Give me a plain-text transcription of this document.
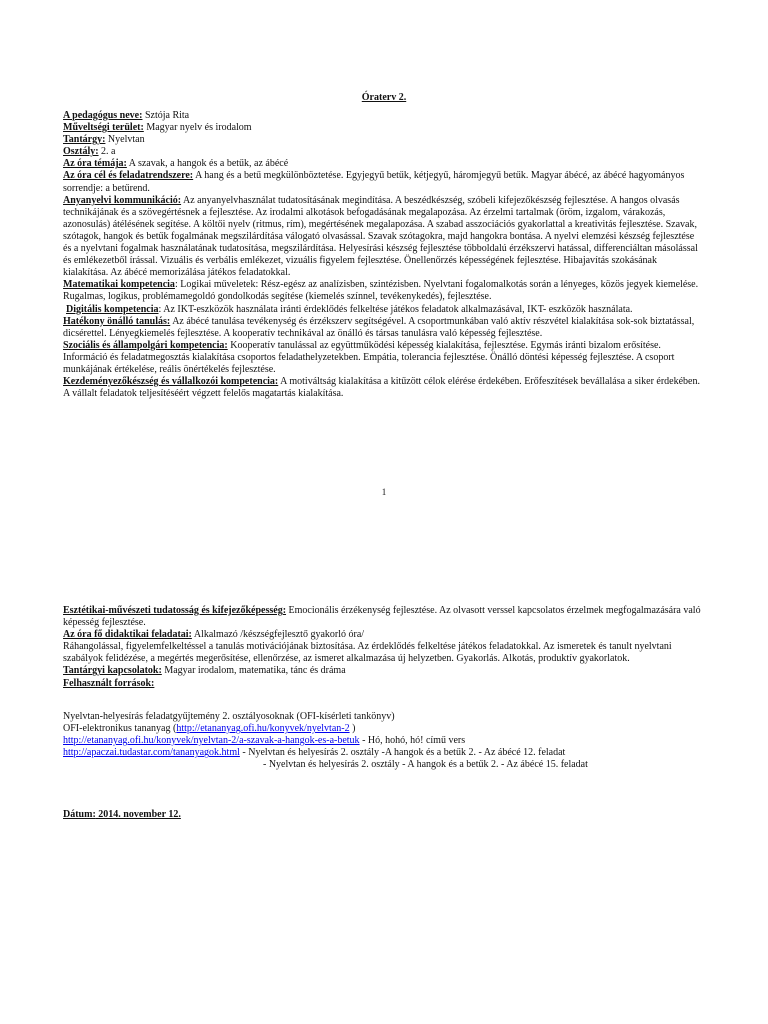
Óraterv 2.
A pedagógus neve: Sztója Rita
Műveltségi terület: Magyar nyelv és irodalom
Tantárgy: Nyelvtan
Osztály: 2. a
Az óra témája: A szavak, a hangok és a betűk, az ábécé
Az óra cél és feladatrendszere: A hang és a betű megkülönböztetése. Egyjegyű betűk, kétjegyű, háromjegyű betűk. Magyar ábécé, az ábécé hagyományos sorrendje: a betűrend.
Anyanyelvi kommunikáció: Az anyanyelvhasználat tudatosításának megindítása. A beszédkészség, szóbeli kifejezőkészség fejlesztése. A hangos olvasás technikájának és a szövegértésnek a fejlesztése. Az irodalmi alkotások befogadásának megalapozása. Az érzelmi tartalmak (öröm, izgalom, várakozás, azonosulás) átélésének segítése. A költői nyelv (ritmus, rím), megértésének megalapozása. A szabad asszociációs gyakorlattal a kreativitás fejlesztése. Szavak, szótagok, hangok és betűk fogalmának megszilárdítása válogató olvasással. Szavak szótagokra, majd hangokra bontása. A nyelvi elemzési készség fejlesztése és a nyelvtani fogalmak használatának tudatosítása, megszilárdítása. Helyesírási készség fejlesztése többoldalú érzékszervi hatással, differenciáltan másolással és emlékezetből írással. Vizuális és verbális emlékezet, vizuális figyelem fejlesztése. Önellenőrzés képességének fejlesztése. Hibajavítás szokásának kialakítása. Az ábécé memorizálása játékos feladatokkal.
Matematikai kompetencia: Logikai műveletek: Rész-egész az analízisben, szintézisben. Nyelvtani fogalomalkotás során a lényeges, közös jegyek kiemelése. Rugalmas, logikus, problémamegoldó gondolkodás segítése (kiemelés színnel, tevékenykedés), fejlesztése.
Digitális kompetencia: Az IKT-eszközök használata iránti érdeklődés felkeltése játékos feladatok alkalmazásával, IKT- eszközök használata.
Hatékony önálló tanulás: Az ábécé tanulása tevékenység és érzékszerv segítségével. A csoportmunkában való aktív részvétel kialakítása sok-sok biztatással, dicsérettel. Lényegkiemelés fejlesztése. A kooperatív technikával az önálló és társas tanulásra való képesség fejlesztése.
Szociális és állampolgári kompetencia: Kooperatív tanulással az együttműködési képesség kialakítása, fejlesztése. Egymás iránti bizalom erősítése. Információ és feladatmegosztás kialakítása csoportos feladathelyzetekben. Empátia, tolerancia fejlesztése. Önálló döntési képesség fejlesztése. A csoport munkájának értékelése, reális önértékelés fejlesztése.
Kezdeményezőkészség és vállalkozói kompetencia: A motiváltság kialakítása a kitűzött célok elérése érdekében. Erőfeszítések bevállalása a siker érdekében. A vállalt feladatok teljesítéséért végzett felelős magatartás kialakítása.
1
Esztétikai-művészeti tudatosság és kifejezőképesség: Emocionális érzékenység fejlesztése. Az olvasott verssel kapcsolatos érzelmek megfogalmazására való képesség fejlesztése.
Az óra fő didaktikai feladatai: Alkalmazó /készségfejlesztő gyakorló óra/
Ráhangolással, figyelemfelkeltéssel a tanulás motivációjának biztosítása. Az érdeklődés felkeltése játékos feladatokkal. Az ismeretek és tanult nyelvtani szabályok felidézése, a megértés megerősítése, ellenőrzése, az ismeret alkalmazása új helyzetben. Gyakorlás. Alkotás, produktív gyakorlatok.
Tantárgyi kapcsolatok: Magyar irodalom, matematika, tánc és dráma
Felhasznált források:
Nyelvtan-helyesírás feladatgyűjtemény 2. osztályosoknak (OFI-kísérleti tankönyv)
OFI-elektronikus tananyag (http://etananyag.ofi.hu/konyvek/nyelvtan-2 )
http://etananyag.ofi.hu/konyvek/nyelvtan-2/a-szavak-a-hangok-es-a-betuk - Hó, hohó, hó! című vers
http://apaczai.tudastar.com/tananyagok.html - Nyelvtan és helyesírás 2. osztály -A hangok és a betűk 2. - Az ábécé 12. feladat
- Nyelvtan és helyesírás 2. osztály - A hangok és a betűk 2. - Az ábécé 15. feladat
Dátum: 2014. november 12.
